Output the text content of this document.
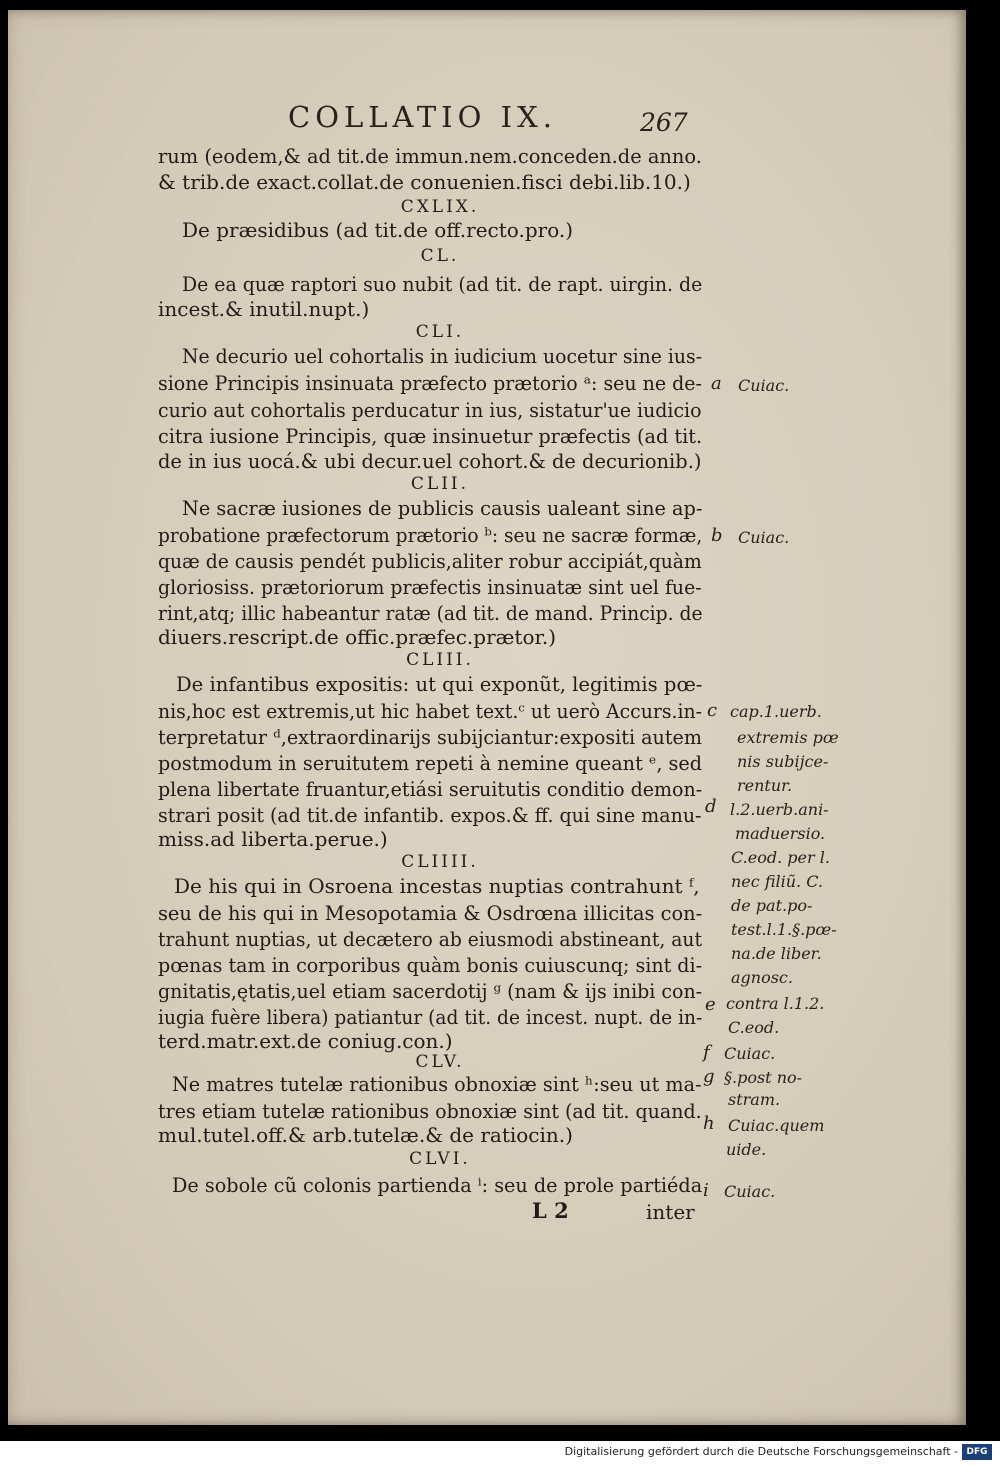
COLLATIO IX.	267
rum (eodem,& ad tit.de immun.nem.conceden.de anno.
& trib.de exact.collat.de conuenien.fisci debi.lib.10.)
CXLIX.
De præsidibus (ad tit.de off.recto.pro.)
CL.
De ea quæ raptori suo nubit (ad tit. de rapt. uirgin. de
incest.& inutil.nupt.)
CLI.
Ne decurio uel cohortalis in iudicium uocetur sine ius-
sione Principis insinuata præfecto prætorio ᵃ: seu ne de-
curio aut cohortalis perducatur in ius, sistatur'ue iudicio
citra iusione Principis, quæ insinuetur præfectis (ad tit.
de in ius uocá.& ubi decur.uel cohort.& de decurionib.)
CLII.
Ne sacræ iusiones de publicis causis ualeant sine ap-
probatione præfectorum prætorio ᵇ: seu ne sacræ formæ,
quæ de causis pendét publicis,aliter robur accipiát,quàm
gloriosiss. prætoriorum præfectis insinuatæ sint uel fue-
rint,atq; illic habeantur ratæ (ad tit. de mand. Princip. de
diuers.rescript.de offic.præfec.prætor.)
CLIII.
De infantibus expositis: ut qui exponũt, legitimis pœ-
nis,hoc est extremis,ut hic habet text.ᶜ ut uerò Accurs.in-
terpretatur ᵈ,extraordinarijs subijciantur:expositi autem
postmodum in seruitutem repeti à nemine queant ᵉ, sed
plena libertate fruantur,etiási seruitutis conditio demon-
strari posit (ad tit.de infantib. expos.& ff. qui sine manu-
miss.ad liberta.perue.)
CLIIII.
De his qui in Osroena incestas nuptias contrahunt ᶠ,
seu de his qui in Mesopotamia & Osdrœna illicitas con-
trahunt nuptias, ut decætero ab eiusmodi abstineant, aut
pœnas tam in corporibus quàm bonis cuiuscunq; sint di-
gnitatis,ętatis,uel etiam sacerdotij ᵍ (nam & ijs inibi con-
iugia fuère libera) patiantur (ad tit. de incest. nupt. de in-
terd.matr.ext.de coniug.con.)
CLV.
Ne matres tutelæ rationibus obnoxiæ sint ʰ:seu ut ma-
tres etiam tutelæ rationibus obnoxiæ sint (ad tit. quand.
mul.tutel.off.& arb.tutelæ.& de ratiocin.)
CLVI.
De sobole cũ colonis partienda ⁱ: seu de prole partiéda
L 2	inter
a
b
c
d
e
f
g
h
i
Cuiac.
Cuiac.
cap.1.uerb.
extremis pœ
nis subijce-
rentur.
l.2.uerb.ani-
maduersio.
C.eod. per l.
nec filiũ. C.
de pat.po-
test.l.1.§.pœ-
na.de liber.
agnosc.
contra l.1.2.
C.eod.
Cuiac.
§.post no-
stram.
Cuiac.quem
uide.
Cuiac.
Digitalisierung gefördert durch die Deutsche Forschungsgemeinschaft - DFG
